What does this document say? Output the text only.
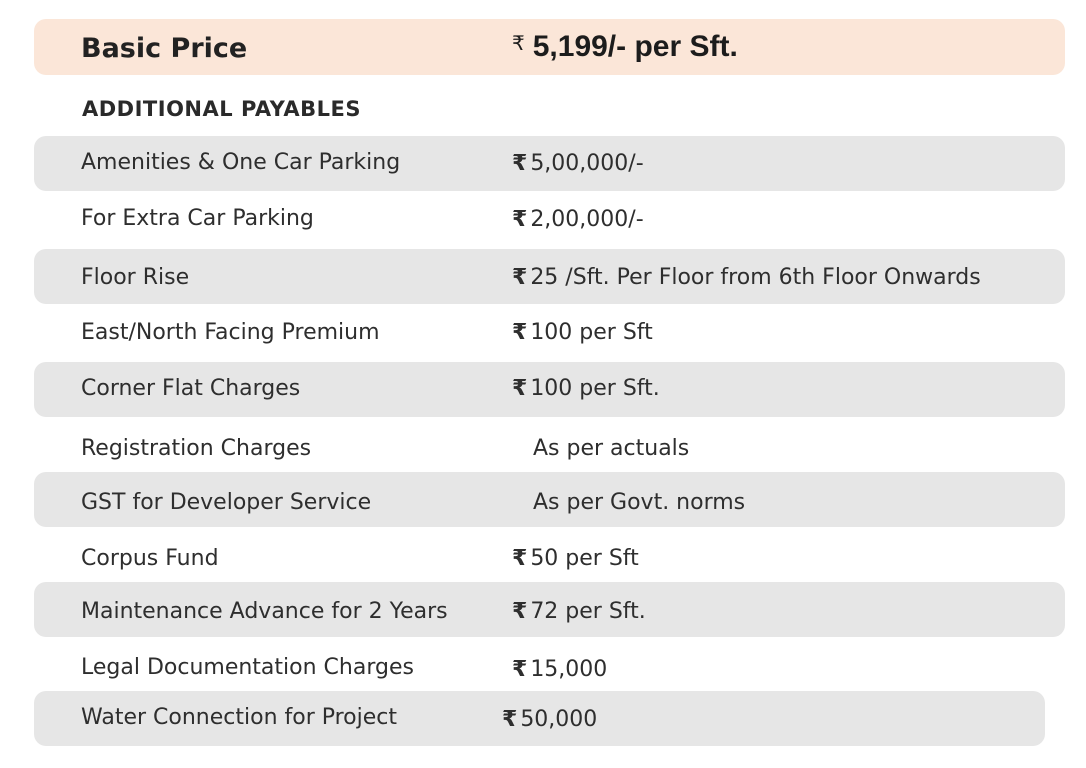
Basic Price	₹ 5,199/- per Sft.
ADDITIONAL PAYABLES
Amenities & One Car Parking	₹ 5,00,000/-
For Extra Car Parking	₹ 2,00,000/-
Floor Rise	₹ 25 /Sft. Per Floor from 6th Floor Onwards
East/North Facing Premium	₹ 100 per Sft
Corner Flat Charges	₹ 100 per Sft.
Registration Charges	As per actuals
GST for Developer Service	As per Govt. norms
Corpus Fund	₹ 50 per Sft
Maintenance Advance for 2 Years	₹ 72 per Sft.
Legal Documentation Charges	₹ 15,000
Water Connection for Project	₹ 50,000
